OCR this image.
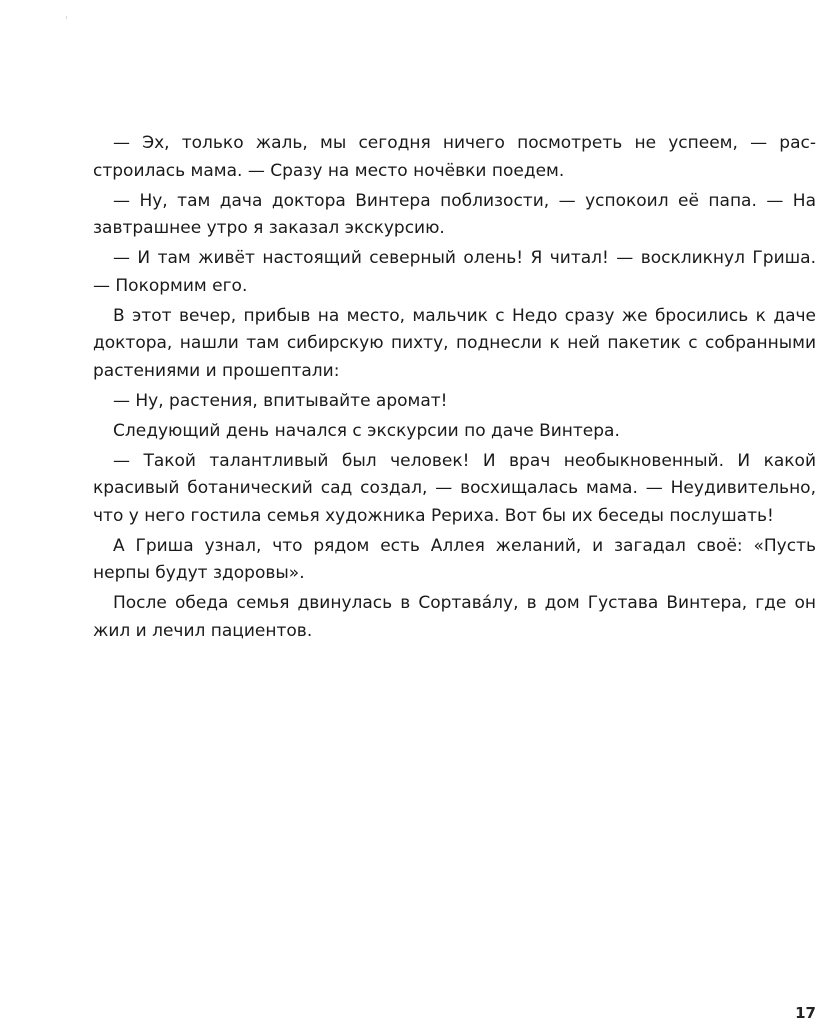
— Эх, только жаль, мы сегодня ничего посмотреть не успеем, — расстроилась мама. — Сразу на место ночёвки поедем.

— Ну, там дача доктора Винтера поблизости, — успокоил её папа. — На завтрашнее утро я заказал экскурсию.

— И там живёт настоящий северный олень! Я читал! — воскликнул Гриша. — Покормим его.

В этот вечер, прибыв на место, мальчик с Недо сразу же бросились к даче доктора, нашли там сибирскую пихту, поднесли к ней пакетик с собранными растениями и прошептали:

— Ну, растения, впитывайте аромат!

Следующий день начался с экскурсии по даче Винтера.

— Такой талантливый был человек! И врач необыкновенный. И какой красивый ботанический сад создал, — восхищалась мама. — Неудивительно, что у него гостила семья художника Рериха. Вот бы их беседы послушать!

А Гриша узнал, что рядом есть Аллея желаний, и загадал своё: «Пусть нерпы будут здоровы».

После обеда семья двинулась в Сортава́лу, в дом Густава Винтера, где он жил и лечил пациентов.

17
